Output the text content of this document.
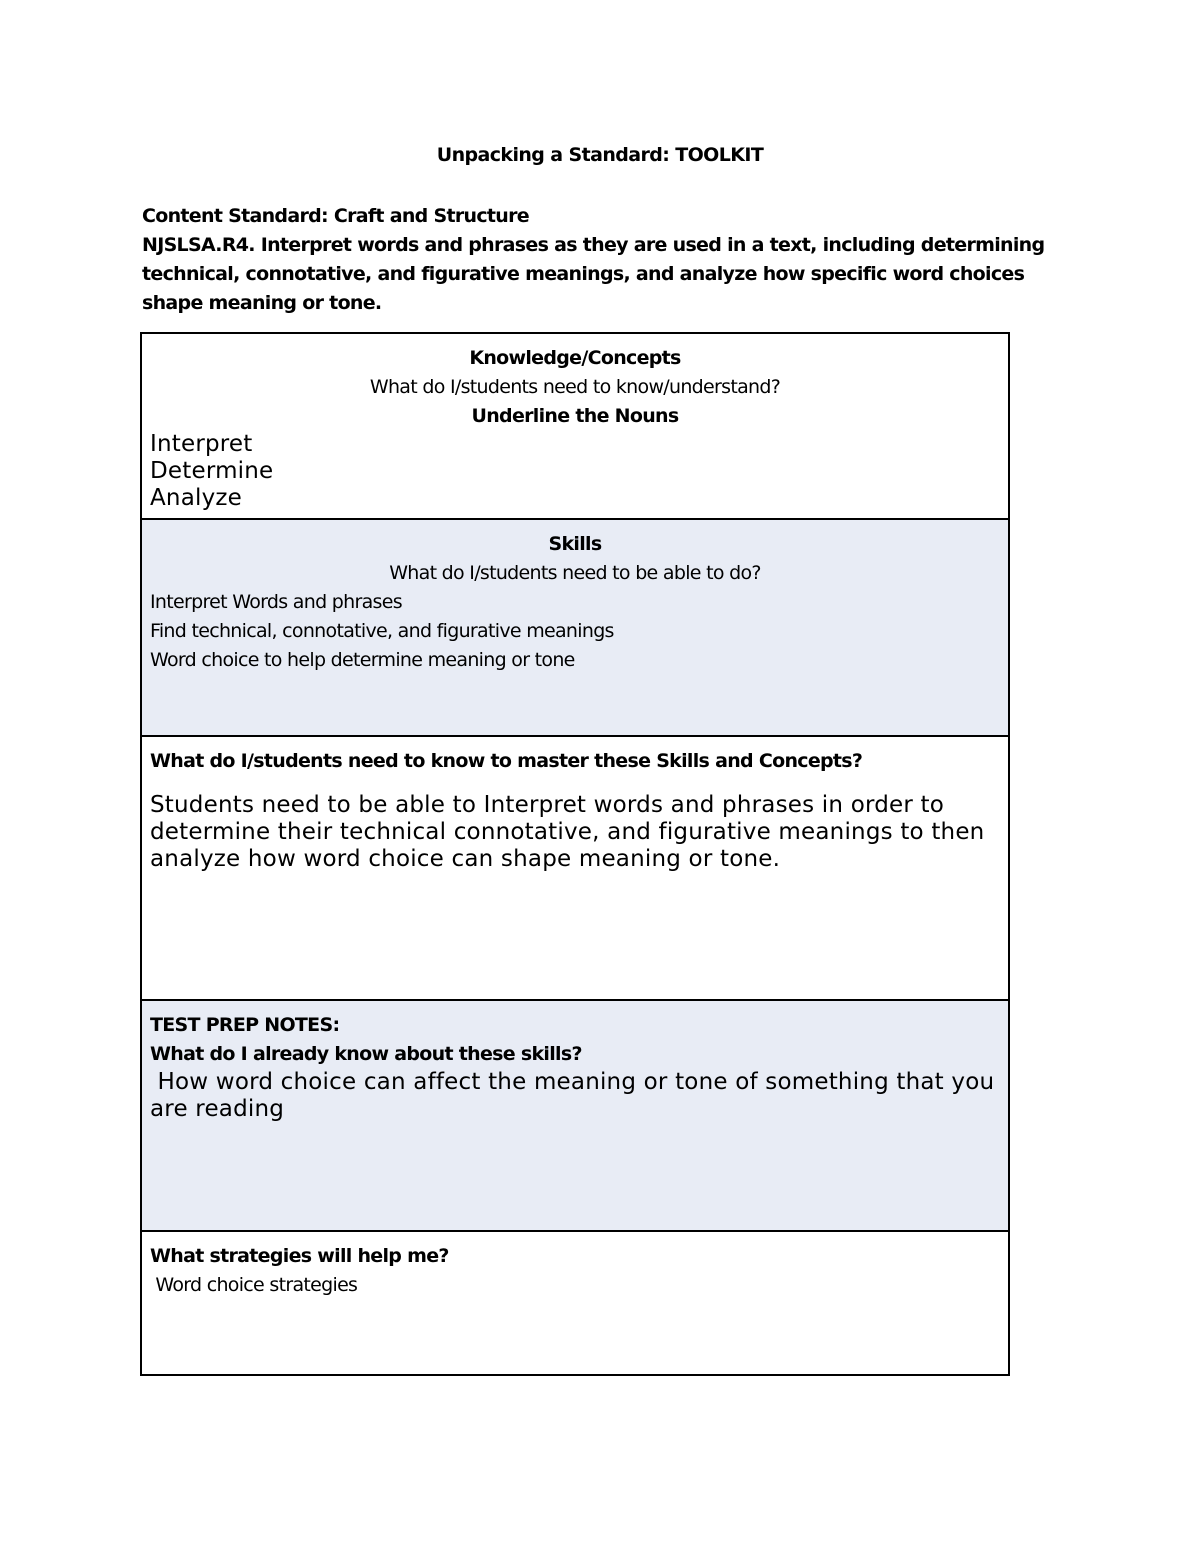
Unpacking a Standard: TOOLKIT

Content Standard: Craft and Structure

NJSLSA.R4. Interpret words and phrases as they are used in a text, including determining technical, connotative, and figurative meanings, and analyze how specific word choices shape meaning or tone.

Knowledge/Concepts
What do I/students need to know/understand?
Underline the Nouns
Interpret
Determine
Analyze
Skills
What do I/students need to be able to do?
Interpret Words and phrases
Find technical, connotative, and figurative meanings
Word choice to help determine meaning or tone
What do I/students need to know to master these Skills and Concepts?
Students need to be able to Interpret words and phrases in order to determine their technical connotative, and figurative meanings to then analyze how word choice can shape meaning or tone.
TEST PREP NOTES:
What do I already know about these skills?
How word choice can affect the meaning or tone of something that you are reading
What strategies will help me?
Word choice strategies
